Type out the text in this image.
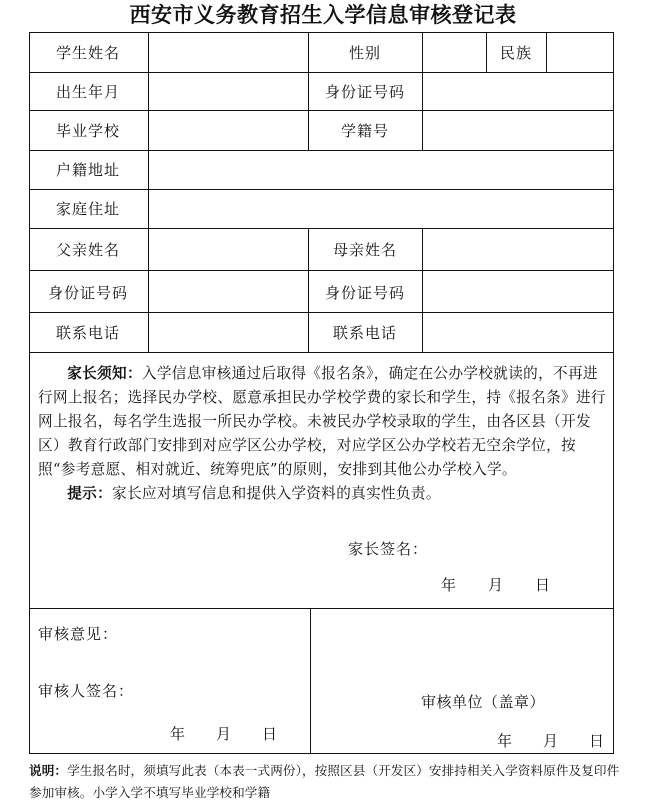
西安市义务教育招生入学信息审核登记表
学生姓名	性别	民族
出生年月	身份证号码
毕业学校	学籍号
户籍地址
家庭住址
父亲姓名	母亲姓名
身份证号码	身份证号码
联系电话	联系电话

家长须知：入学信息审核通过后取得《报名条》，确定在公办学校就读的，不再进行网上报名；选择民办学校、愿意承担民办学校学费的家长和学生，持《报名条》进行网上报名，每名学生选报一所民办学校。未被民办学校录取的学生，由各区县（开发区）教育行政部门安排到对应学区公办学校，对应学区公办学校若无空余学位，按照“参考意愿、相对就近、统筹兜底”的原则，安排到其他公办学校入学。

提示：家长应对填写信息和提供入学资料的真实性负责。

家长签名：
年 月 日
审核意见：
审核人签名：
年 月 日
审核单位（盖章）
年 月 日
说明：学生报名时，须填写此表（本表一式两份），按照区县（开发区）安排持相关入学资料原件及复印件参加审核。小学入学不填写毕业学校和学籍
